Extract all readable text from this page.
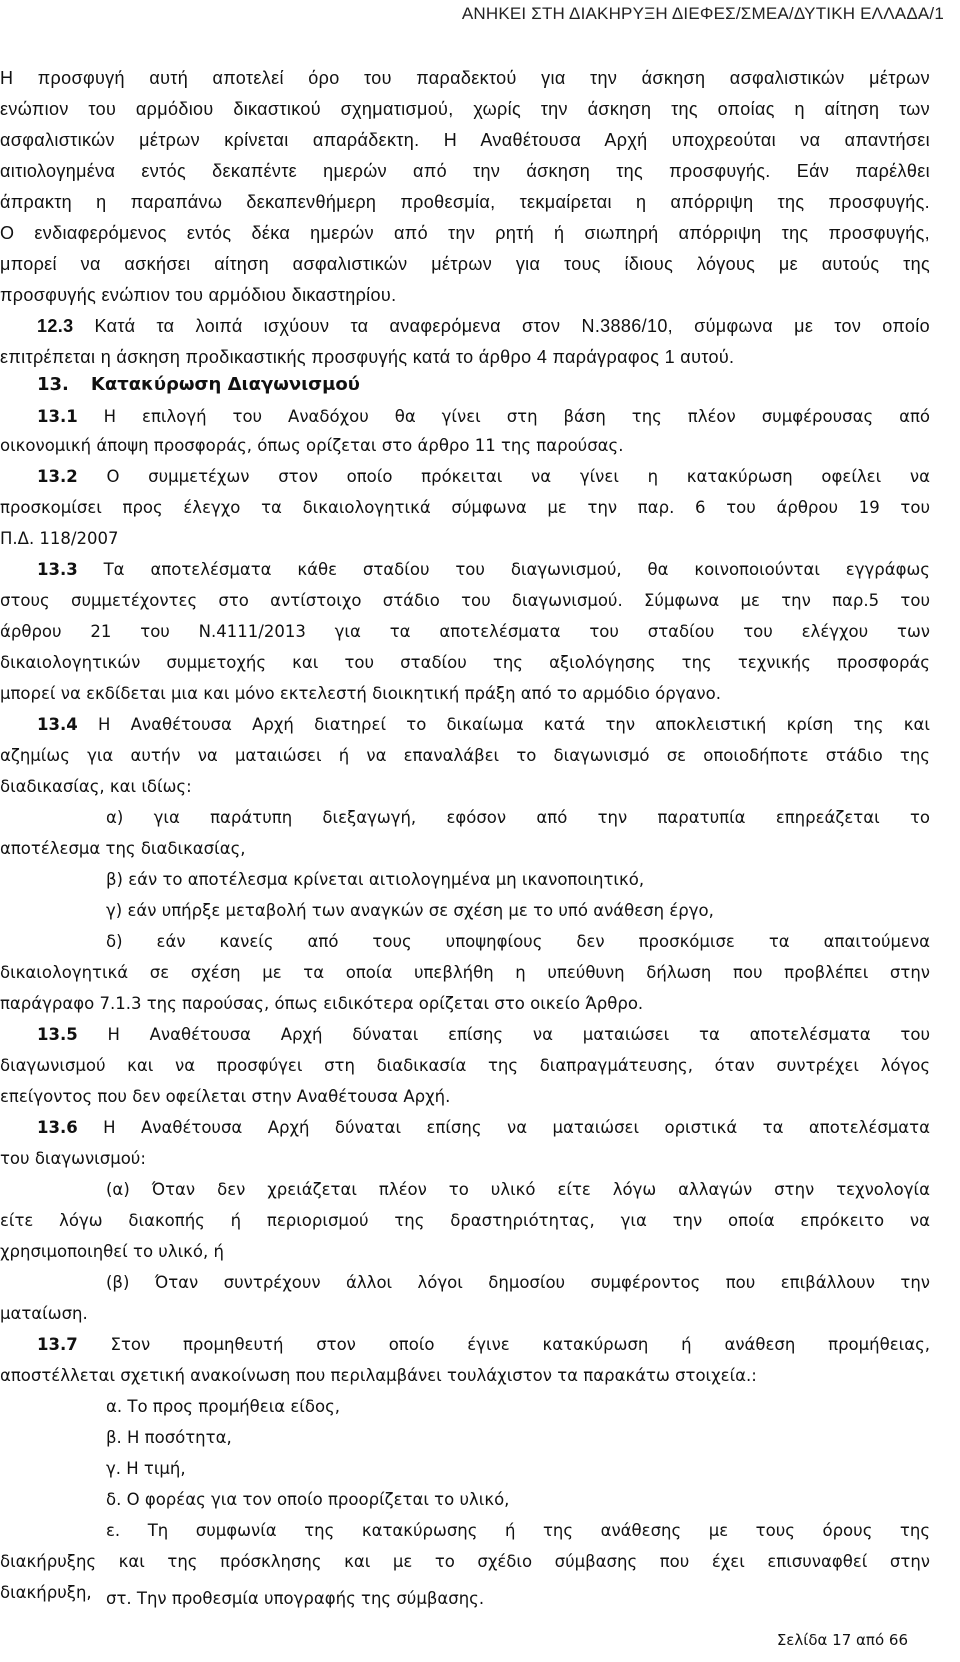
ΑΝΗΚΕΙ ΣΤΗ ΔΙΑΚΗΡΥΞΗ ΔΙΕΦΕΣ/ΣΜΕΑ/ΔΥΤΙΚΗ ΕΛΛΑΔΑ/1
Η προσφυγή αυτή αποτελεί όρο του παραδεκτού για την άσκηση ασφαλιστικών μέτρων
ενώπιον του αρμόδιου δικαστικού σχηματισμού, χωρίς την άσκηση της οποίας η αίτηση των
ασφαλιστικών μέτρων κρίνεται απαράδεκτη. Η Αναθέτουσα Αρχή υποχρεούται να απαντήσει
αιτιολογημένα εντός δεκαπέντε ημερών από την άσκηση της προσφυγής. Εάν παρέλθει
άπρακτη η παραπάνω δεκαπενθήμερη προθεσμία, τεκμαίρεται η απόρριψη της προσφυγής.
Ο ενδιαφερόμενος εντός δέκα ημερών από την ρητή ή σιωπηρή απόρριψη της προσφυγής,
μπορεί να ασκήσει αίτηση ασφαλιστικών μέτρων για τους ίδιους λόγους με αυτούς της
προσφυγής ενώπιον του αρμόδιου δικαστηρίου.
12.3 Κατά τα λοιπά ισχύουν τα αναφερόμενα στον Ν.3886/10, σύμφωνα με τον οποίο
επιτρέπεται η άσκηση προδικαστικής προσφυγής κατά το άρθρο 4 παράγραφος 1 αυτού.
13. Κατακύρωση Διαγωνισμού
13.1 Η επιλογή του Αναδόχου θα γίνει στη βάση της πλέον συμφέρουσας από
οικονομική άποψη προσφοράς, όπως ορίζεται στο άρθρο 11 της παρούσας.
13.2 Ο συμμετέχων στον οποίο πρόκειται να γίνει η κατακύρωση οφείλει να
προσκομίσει προς έλεγχο τα δικαιολογητικά σύμφωνα με την παρ. 6 του άρθρου 19 του
Π.Δ. 118/2007
13.3 Τα αποτελέσματα κάθε σταδίου του διαγωνισμού, θα κοινοποιούνται εγγράφως
στους συμμετέχοντες στο αντίστοιχο στάδιο του διαγωνισμού. Σύμφωνα με την παρ.5 του
άρθρου 21 του Ν.4111/2013 για τα αποτελέσματα του σταδίου του ελέγχου των
δικαιολογητικών συμμετοχής και του σταδίου της αξιολόγησης της τεχνικής προσφοράς
μπορεί να εκδίδεται μια και μόνο εκτελεστή διοικητική πράξη από το αρμόδιο όργανο.
13.4 Η Αναθέτουσα Αρχή διατηρεί το δικαίωμα κατά την αποκλειστική κρίση της και
αζημίως για αυτήν να ματαιώσει ή να επαναλάβει το διαγωνισμό σε οποιοδήποτε στάδιο της
διαδικασίας, και ιδίως:
α) για παράτυπη διεξαγωγή, εφόσον από την παρατυπία επηρεάζεται το
αποτέλεσμα της διαδικασίας,
β) εάν το αποτέλεσμα κρίνεται αιτιολογημένα μη ικανοποιητικό,
γ) εάν υπήρξε μεταβολή των αναγκών σε σχέση με το υπό ανάθεση έργο,
δ) εάν κανείς από τους υποψηφίους δεν προσκόμισε τα απαιτούμενα
δικαιολογητικά σε σχέση με τα οποία υπεβλήθη η υπεύθυνη δήλωση που προβλέπει στην
παράγραφο 7.1.3 της παρούσας, όπως ειδικότερα ορίζεται στο οικείο Άρθρο.
13.5 Η Αναθέτουσα Αρχή δύναται επίσης να ματαιώσει τα αποτελέσματα του
διαγωνισμού και να προσφύγει στη διαδικασία της διαπραγμάτευσης, όταν συντρέχει λόγος
επείγοντος που δεν οφείλεται στην Αναθέτουσα Αρχή.
13.6 Η Αναθέτουσα Αρχή δύναται επίσης να ματαιώσει οριστικά τα αποτελέσματα
του διαγωνισμού:
(α) Όταν δεν χρειάζεται πλέον το υλικό είτε λόγω αλλαγών στην τεχνολογία
είτε λόγω διακοπής ή περιορισμού της δραστηριότητας, για την οποία επρόκειτο να
χρησιμοποιηθεί το υλικό, ή
(β) Όταν συντρέχουν άλλοι λόγοι δημοσίου συμφέροντος που επιβάλλουν την
ματαίωση.
13.7 Στον προμηθευτή στον οποίο έγινε κατακύρωση ή ανάθεση προμήθειας,
αποστέλλεται σχετική ανακοίνωση που περιλαμβάνει τουλάχιστον τα παρακάτω στοιχεία.:
α. Το προς προμήθεια είδος,
β. Η ποσότητα,
γ. Η τιμή,
δ. Ο φορέας για τον οποίο προορίζεται το υλικό,
ε. Τη συμφωνία της κατακύρωσης ή της ανάθεσης με τους όρους της
διακήρυξης και της πρόσκλησης και με το σχέδιο σύμβασης που έχει επισυναφθεί στην
διακήρυξη, στ. Την προθεσμία υπογραφής της σύμβασης.
Σελίδα 17 από 66
